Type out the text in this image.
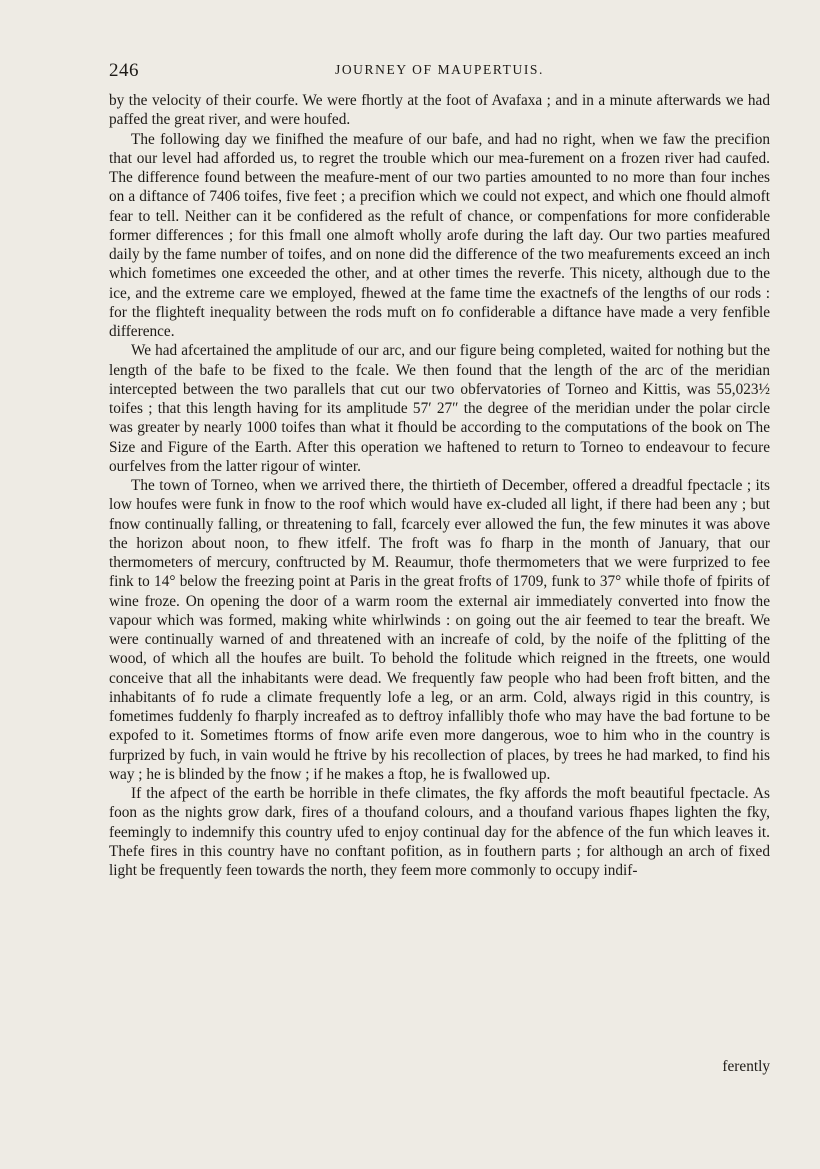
246	JOURNEY OF MAUPERTUIS.

by the velocity of their courfe. We were fhortly at the foot of Avafaxa ; and in a minute afterwards we had paffed the great river, and were houfed.

The following day we finifhed the meafure of our bafe, and had no right, when we faw the precifion that our level had afforded us, to regret the trouble which our mea-furement on a frozen river had caufed. The difference found between the meafure-ment of our two parties amounted to no more than four inches on a diftance of 7406 toifes, five feet ; a precifion which we could not expect, and which one fhould almoft fear to tell. Neither can it be confidered as the refult of chance, or compenfations for more confiderable former differences ; for this fmall one almoft wholly arofe during the laft day. Our two parties meafured daily by the fame number of toifes, and on none did the difference of the two meafurements exceed an inch which fometimes one exceeded the other, and at other times the reverfe. This nicety, although due to the ice, and the extreme care we employed, fhewed at the fame time the exactnefs of the lengths of our rods : for the flighteft inequality between the rods muft on fo confiderable a diftance have made a very fenfible difference.

We had afcertained the amplitude of our arc, and our figure being completed, waited for nothing but the length of the bafe to be fixed to the fcale. We then found that the length of the arc of the meridian intercepted between the two parallels that cut our two obfervatories of Torneo and Kittis, was 55,023½ toifes ; that this length having for its amplitude 57′ 27″ the degree of the meridian under the polar circle was greater by nearly 1000 toifes than what it fhould be according to the computations of the book on The Size and Figure of the Earth. After this operation we haftened to return to Torneo to endeavour to fecure ourfelves from the latter rigour of winter.

The town of Torneo, when we arrived there, the thirtieth of December, offered a dreadful fpectacle ; its low houfes were funk in fnow to the roof which would have ex-cluded all light, if there had been any ; but fnow continually falling, or threatening to fall, fcarcely ever allowed the fun, the few minutes it was above the horizon about noon, to fhew itfelf. The froft was fo fharp in the month of January, that our thermometers of mercury, conftructed by M. Reaumur, thofe thermometers that we were furprized to fee fink to 14° below the freezing point at Paris in the great frofts of 1709, funk to 37° while thofe of fpirits of wine froze. On opening the door of a warm room the external air immediately converted into fnow the vapour which was formed, making white whirlwinds : on going out the air feemed to tear the breaft. We were continually warned of and threatened with an increafe of cold, by the noife of the fplitting of the wood, of which all the houfes are built. To behold the folitude which reigned in the ftreets, one would conceive that all the inhabitants were dead. We frequently faw people who had been froft bitten, and the inhabitants of fo rude a climate frequently lofe a leg, or an arm. Cold, always rigid in this country, is fometimes fuddenly fo fharply increafed as to deftroy infallibly thofe who may have the bad fortune to be expofed to it. Sometimes ftorms of fnow arife even more dangerous, woe to him who in the country is furprized by fuch, in vain would he ftrive by his recollection of places, by trees he had marked, to find his way ; he is blinded by the fnow ; if he makes a ftop, he is fwallowed up.

If the afpect of the earth be horrible in thefe climates, the fky affords the moft beautiful fpectacle. As foon as the nights grow dark, fires of a thoufand colours, and a thoufand various fhapes lighten the fky, feemingly to indemnify this country ufed to enjoy continual day for the abfence of the fun which leaves it. Thefe fires in this country have no conftant pofition, as in fouthern parts ; for although an arch of fixed light be frequently feen towards the north, they feem more commonly to occupy indif-

ferently
